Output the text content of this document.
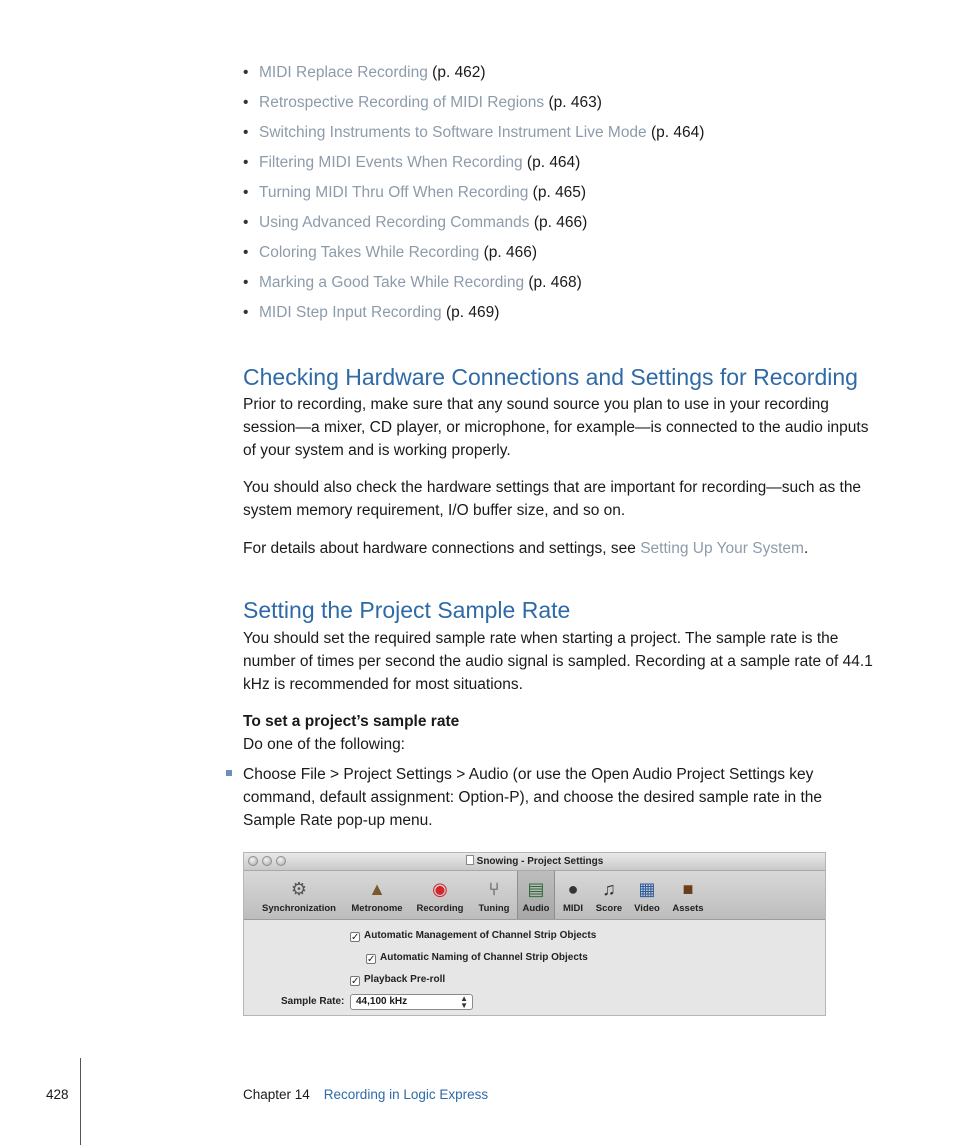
• MIDI Replace Recording (p. 462)
• Retrospective Recording of MIDI Regions (p. 463)
• Switching Instruments to Software Instrument Live Mode (p. 464)
• Filtering MIDI Events When Recording (p. 464)
• Turning MIDI Thru Off When Recording (p. 465)
• Using Advanced Recording Commands (p. 466)
• Coloring Takes While Recording (p. 466)
• Marking a Good Take While Recording (p. 468)
• MIDI Step Input Recording (p. 469)
Checking Hardware Connections and Settings for Recording

Prior to recording, make sure that any sound source you plan to use in your recording session—a mixer, CD player, or microphone, for example—is connected to the audio inputs of your system and is working properly.

You should also check the hardware settings that are important for recording—such as the system memory requirement, I/O buffer size, and so on.

For details about hardware connections and settings, see Setting Up Your System.

Setting the Project Sample Rate

You should set the required sample rate when starting a project. The sample rate is the number of times per second the audio signal is sampled. Recording at a sample rate of 44.1 kHz is recommended for most situations.

To set a project’s sample rate

Do one of the following:

Choose File > Project Settings > Audio (or use the Open Audio Project Settings key command, default assignment: Option-P), and choose the desired sample rate in the Sample Rate pop-up menu.

Snowing - Project Settings
⚙
Synchronization
▲
Metronome
◉
Recording
⑂
Tuning
▤
Audio
●
MIDI
♫
Score
▦
Video
■
Assets
✓ Automatic Management of Channel Strip Objects
✓ Automatic Naming of Channel Strip Objects
✓ Playback Pre-roll
Sample Rate:	44,100 kHz	▲
▼
428	Chapter 14 Recording in Logic Express
